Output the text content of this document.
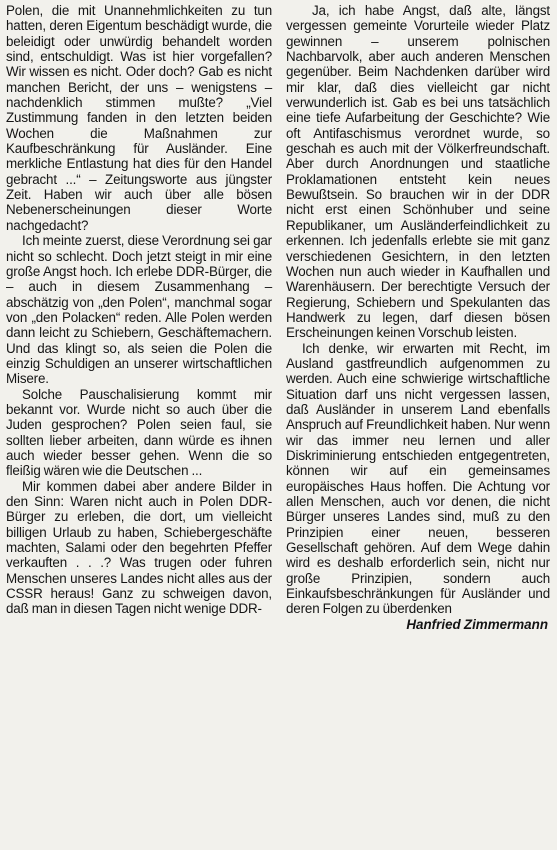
Polen, die mit Unannehmlichkeiten zu tun hatten, deren Eigentum beschädigt wurde, die beleidigt oder unwürdig behandelt worden sind, entschuldigt. Was ist hier vorgefallen? Wir wissen es nicht. Oder doch? Gab es nicht manchen Bericht, der uns – wenigstens – nachdenklich stimmen mußte? „Viel Zustimmung fanden in den letzten beiden Wochen die Maßnahmen zur Kaufbeschränkung für Ausländer. Eine merkliche Entlastung hat dies für den Handel gebracht ...“ – Zeitungsworte aus jüngster Zeit. Haben wir auch über alle bösen Nebenerscheinungen dieser Worte nachgedacht?

Ich meinte zuerst, diese Verordnung sei gar nicht so schlecht. Doch jetzt steigt in mir eine große Angst hoch. Ich erlebe DDR-Bürger, die – auch in diesem Zusammenhang – abschätzig von „den Polen“, manchmal sogar von „den Polacken“ reden. Alle Polen werden dann leicht zu Schiebern, Geschäftemachern. Und das klingt so, als seien die Polen die einzig Schuldigen an unserer wirtschaftlichen Misere.

Solche Pauschalisierung kommt mir bekannt vor. Wurde nicht so auch über die Juden gesprochen? Polen seien faul, sie sollten lieber arbeiten, dann würde es ihnen auch wieder besser gehen. Wenn die so fleißig wären wie die Deutschen ...

Mir kommen dabei aber andere Bilder in den Sinn: Waren nicht auch in Polen DDR-Bürger zu erleben, die dort, um vielleicht billigen Urlaub zu haben, Schiebergeschäfte machten, Salami oder den begehrten Pfeffer verkauften . . .? Was trugen oder fuhren Menschen unseres Landes nicht alles aus der CSSR heraus! Ganz zu schweigen davon, daß man in diesen Tagen nicht wenige DDR-

Ja, ich habe Angst, daß alte, längst vergessen gemeinte Vorurteile wieder Platz gewinnen – unserem polnischen Nachbarvolk, aber auch anderen Menschen gegenüber. Beim Nachdenken darüber wird mir klar, daß dies vielleicht gar nicht verwunderlich ist. Gab es bei uns tatsächlich eine tiefe Aufarbeitung der Geschichte? Wie oft Antifaschismus verordnet wurde, so geschah es auch mit der Völkerfreundschaft. Aber durch Anordnungen und staatliche Proklamationen entsteht kein neues Bewußtsein. So brauchen wir in der DDR nicht erst einen Schönhuber und seine Republikaner, um Ausländerfeindlichkeit zu erkennen. Ich jedenfalls erlebte sie mit ganz verschiedenen Gesichtern, in den letzten Wochen nun auch wieder in Kaufhallen und Warenhäusern. Der berechtigte Versuch der Regierung, Schiebern und Spekulanten das Handwerk zu legen, darf diesen bösen Erscheinungen keinen Vorschub leisten.

Ich denke, wir erwarten mit Recht, im Ausland gastfreundlich aufgenommen zu werden. Auch eine schwierige wirtschaftliche Situation darf uns nicht vergessen lassen, daß Ausländer in unserem Land ebenfalls Anspruch auf Freundlichkeit haben. Nur wenn wir das immer neu lernen und aller Diskriminierung entschieden entgegentreten, können wir auf ein gemeinsames europäisches Haus hoffen. Die Achtung vor allen Menschen, auch vor denen, die nicht Bürger unseres Landes sind, muß zu den Prinzipien einer neuen, besseren Gesellschaft gehören. Auf dem Wege dahin wird es deshalb erforderlich sein, nicht nur große Prinzipien, sondern auch Einkaufsbeschränkungen für Ausländer und deren Folgen zu überdenken

Hanfried Zimmermann
